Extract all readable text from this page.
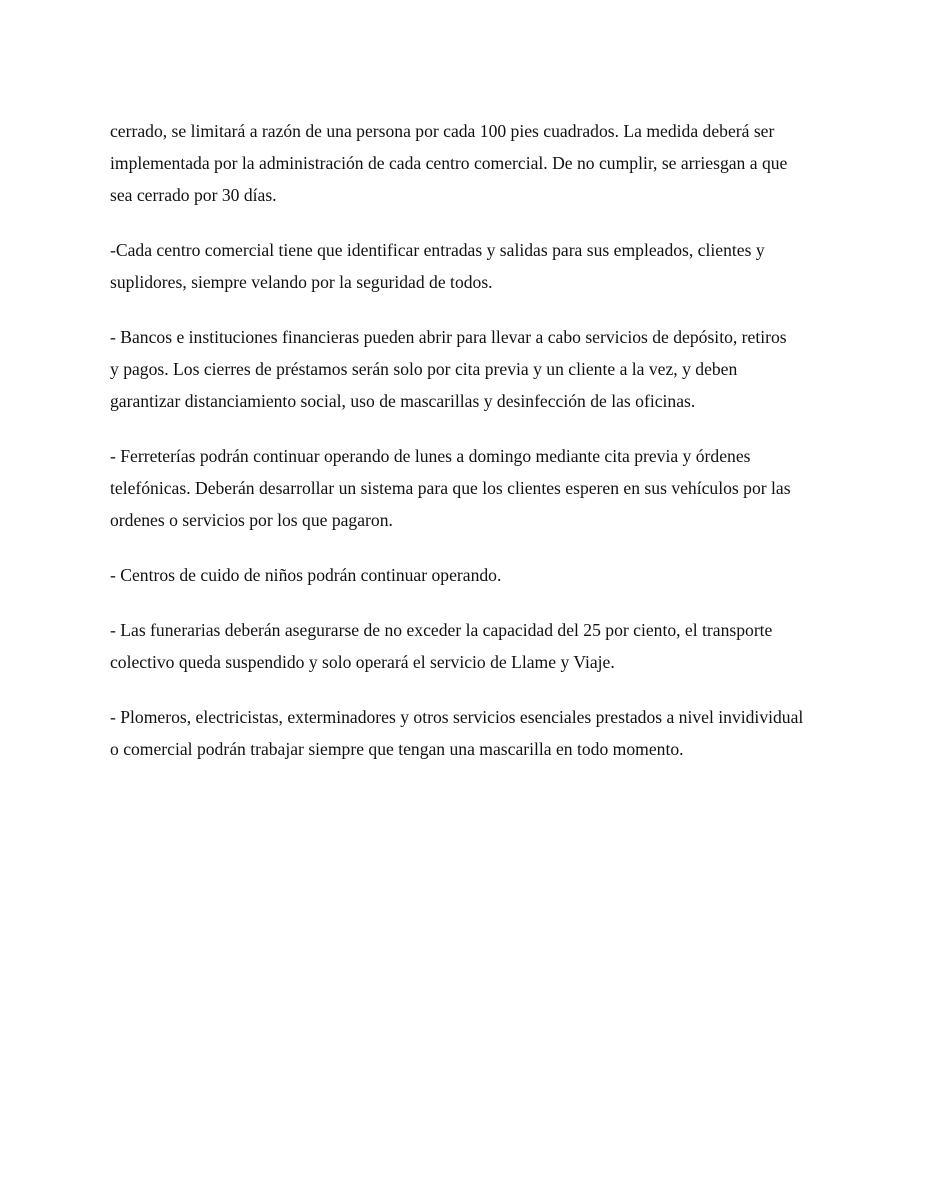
cerrado, se limitará a razón de una persona por cada 100 pies cuadrados. La medida deberá ser
implementada por la administración de cada centro comercial. De no cumplir, se arriesgan a que
sea cerrado por 30 días.

-Cada centro comercial tiene que identificar entradas y salidas para sus empleados, clientes y
suplidores, siempre velando por la seguridad de todos.

- Bancos e instituciones financieras pueden abrir para llevar a cabo servicios de depósito, retiros
y pagos. Los cierres de préstamos serán solo por cita previa y un cliente a la vez, y deben
garantizar distanciamiento social, uso de mascarillas y desinfección de las oficinas.

- Ferreterías podrán continuar operando de lunes a domingo mediante cita previa y órdenes
telefónicas. Deberán desarrollar un sistema para que los clientes esperen en sus vehículos por las
ordenes o servicios por los que pagaron.

- Centros de cuido de niños podrán continuar operando.

- Las funerarias deberán asegurarse de no exceder la capacidad del 25 por ciento, el transporte
colectivo queda suspendido y solo operará el servicio de Llame y Viaje.

- Plomeros, electricistas, exterminadores y otros servicios esenciales prestados a nivel invidividual
o comercial podrán trabajar siempre que tengan una mascarilla en todo momento.
